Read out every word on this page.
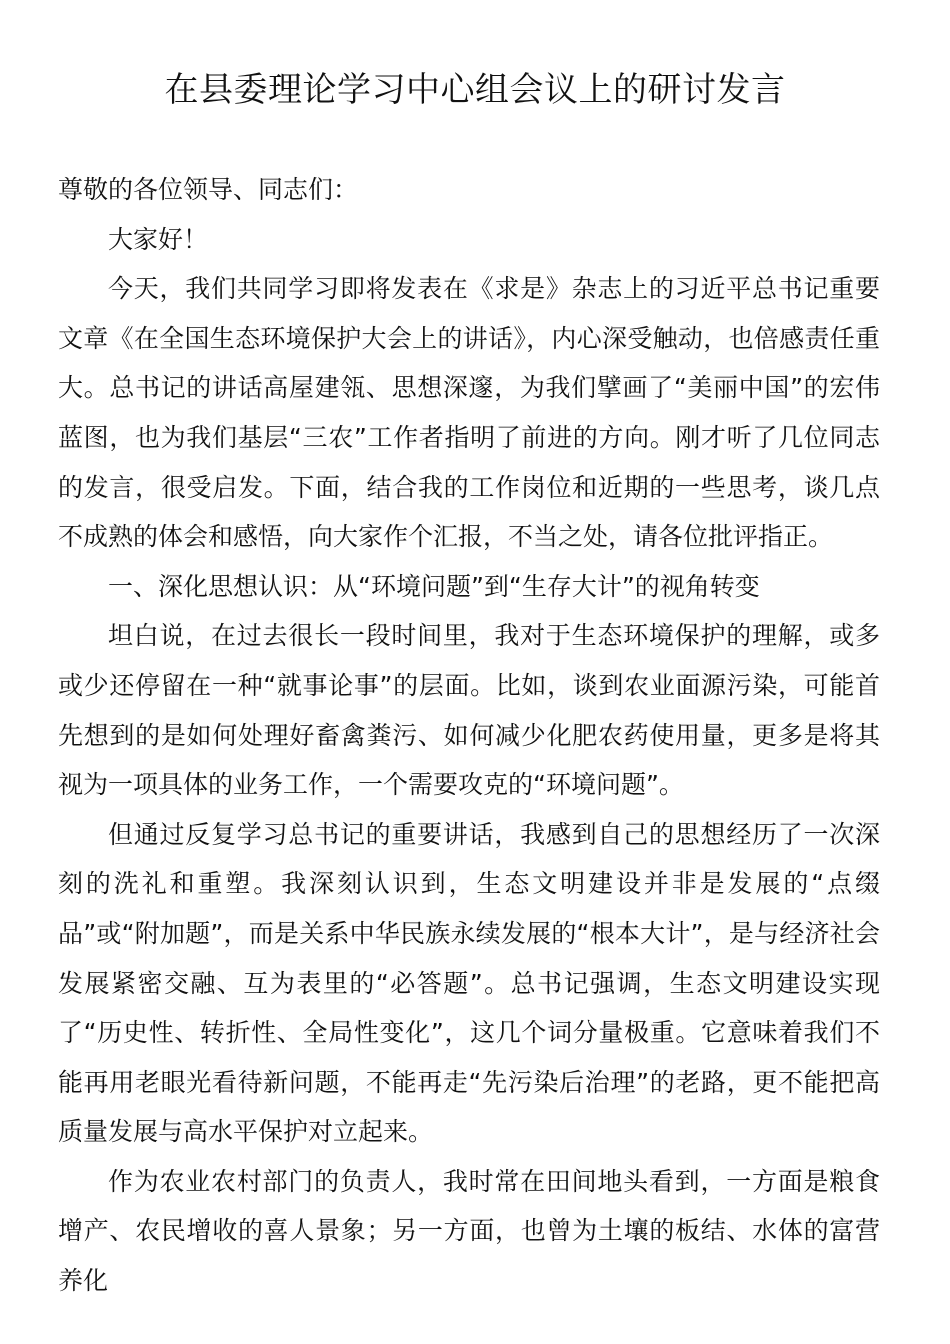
在县委理论学习中心组会议上的研讨发言

尊敬的各位领导、同志们：

大家好！

今天，我们共同学习即将发表在《求是》杂志上的习近平总书记重要文章《在全国生态环境保护大会上的讲话》，内心深受触动，也倍感责任重大。总书记的讲话高屋建瓴、思想深邃，为我们擘画了“美丽中国”的宏伟蓝图，也为我们基层“三农”工作者指明了前进的方向。刚才听了几位同志的发言，很受启发。下面，结合我的工作岗位和近期的一些思考，谈几点不成熟的体会和感悟，向大家作个汇报，不当之处，请各位批评指正。

一、深化思想认识：从“环境问题”到“生存大计”的视角转变

坦白说，在过去很长一段时间里，我对于生态环境保护的理解，或多或少还停留在一种“就事论事”的层面。比如，谈到农业面源污染，可能首先想到的是如何处理好畜禽粪污、如何减少化肥农药使用量，更多是将其视为一项具体的业务工作，一个需要攻克的“环境问题”。

但通过反复学习总书记的重要讲话，我感到自己的思想经历了一次深刻的洗礼和重塑。我深刻认识到，生态文明建设并非是发展的“点缀品”或“附加题”，而是关系中华民族永续发展的“根本大计”，是与经济社会发展紧密交融、互为表里的“必答题”。总书记强调，生态文明建设实现了“历史性、转折性、全局性变化”，这几个词分量极重。它意味着我们不能再用老眼光看待新问题，不能再走“先污染后治理”的老路，更不能把高质量发展与高水平保护对立起来。

作为农业农村部门的负责人，我时常在田间地头看到，一方面是粮食增产、农民增收的喜人景象；另一方面，也曾为土壤的板结、水体的富营养化
